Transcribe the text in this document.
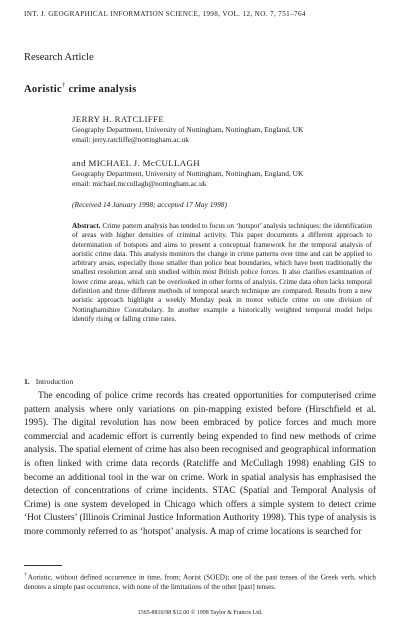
INT. J. GEOGRAPHICAL INFORMATION SCIENCE, 1998, VOL. 12, NO. 7, 751–764
Research Article
Aoristic† crime analysis
JERRY H. RATCLIFFE
Geography Department, University of Nottingham, Nottingham, England, UK
email: jerry.ratcliffe@nottingham.ac.uk
and MICHAEL J. McCULLAGH
Geography Department, University of Nottingham, Nottingham, England, UK
email: michael.mccullagh@nottingham.ac.uk
(Received 14 January 1998; accepted 17 May 1998)
Abstract. Crime pattern analysis has tended to focus on ‘hotspot’ analysis techniques: the identification of areas with higher densities of criminal activity. This paper documents a different approach to determination of hotspots and aims to present a conceptual framework for the temporal analysis of aoristic crime data. This analysis monitors the change in crime patterns over time and can be applied to arbitrary areas, especially those smaller than police beat boundaries, which have been traditionally the smallest resolution areal unit studied within most British police forces. It also clarifies examination of lower crime areas, which can be overlooked in other forms of analysis. Crime data often lacks temporal definition and three different methods of temporal search technique are compared. Results from a new aoristic approach highlight a weekly Monday peak in motor vehicle crime on one division of Nottinghamshire Constabulary. In another example a historically weighted temporal model helps identify rising or falling crime rates.
1. Introduction
The encoding of police crime records has created opportunities for computerised crime pattern analysis where only variations on pin-mapping existed before (Hirschfield et al. 1995). The digital revolution has now been embraced by police forces and much more commercial and academic effort is currently being expended to find new methods of crime analysis. The spatial element of crime has also been recognised and geographical information is often linked with crime data records (Ratcliffe and McCullagh 1998) enabling GIS to become an additional tool in the war on crime. Work in spatial analysis has emphasised the detection of concentrations of crime incidents. STAC (Spatial and Temporal Analysis of Crime) is one system developed in Chicago which offers a simple system to detect crime ‘Hot Clusters’ (Illinois Criminal Justice Information Authority 1998). This type of analysis is more commonly referred to as ‘hotspot’ analysis. A map of crime locations is searched for
†Aoristic, without defined occurrence in time, from; Aorist (SOED); one of the past tenses of the Greek verb, which denotes a simple past occurrence, with none of the limitations of the other [past] tenses.
1365-8816/98 $12.00 © 1998 Taylor & Francis Ltd.
